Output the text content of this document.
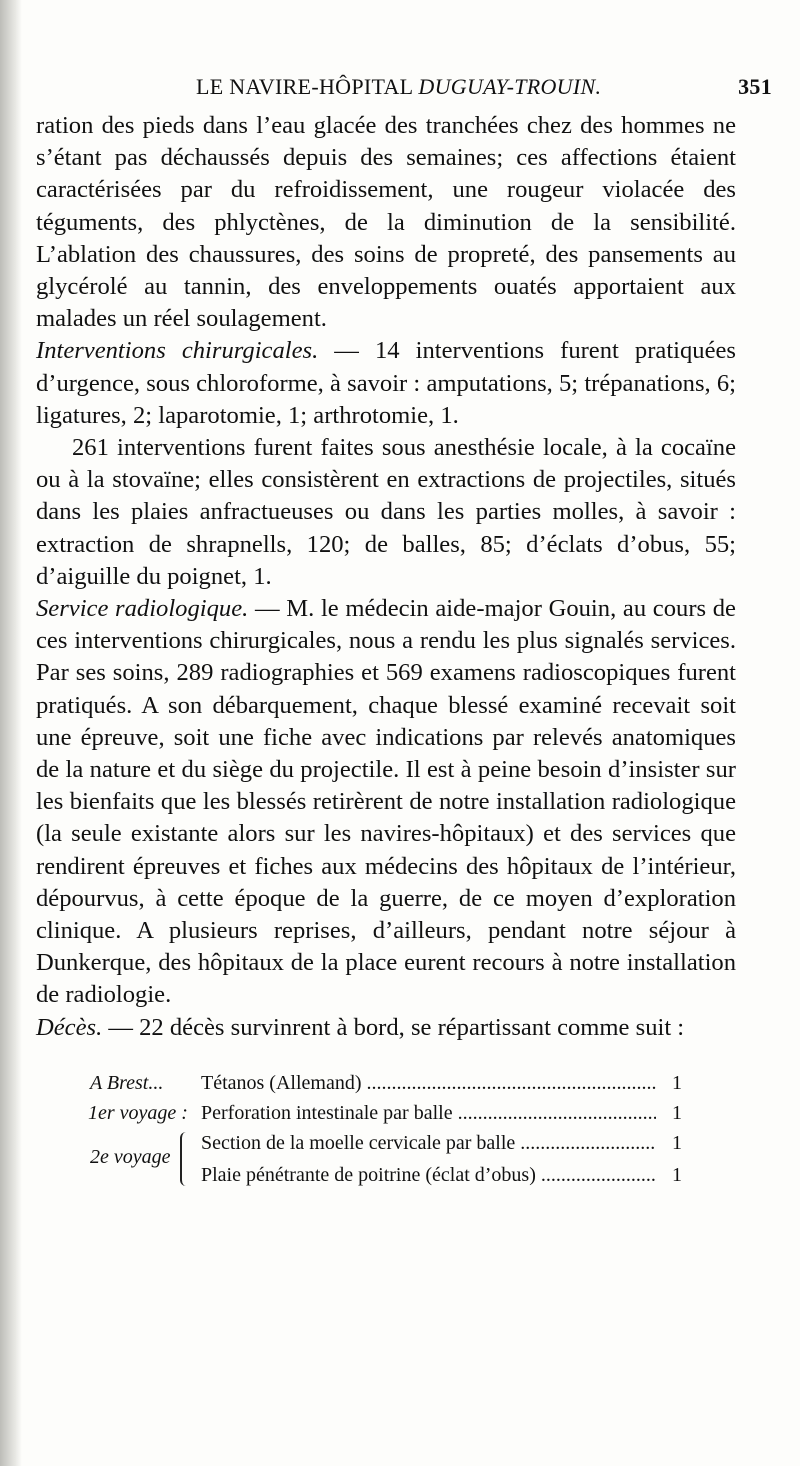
LE NAVIRE-HÔPITAL DUGUAY-TROUIN.	351

ration des pieds dans l’eau glacée des tranchées chez des hommes ne s’étant pas déchaussés depuis des semaines; ces affections étaient caractérisées par du refroidissement, une rougeur violacée des téguments, des phlyctènes, de la diminution de la sensibilité. L’ablation des chaussures, des soins de propreté, des pansements au glycérolé au tannin, des enveloppements ouatés apportaient aux malades un réel soulagement.

Interventions chirurgicales. — 14 interventions furent pratiquées d’urgence, sous chloroforme, à savoir : amputations, 5; trépanations, 6; ligatures, 2; laparotomie, 1; arthrotomie, 1.

261 interventions furent faites sous anesthésie locale, à la cocaïne ou à la stovaïne; elles consistèrent en extractions de projectiles, situés dans les plaies anfractueuses ou dans les parties molles, à savoir : extraction de shrapnells, 120; de balles, 85; d’éclats d’obus, 55; d’aiguille du poignet, 1.

Service radiologique. — M. le médecin aide-major Gouin, au cours de ces interventions chirurgicales, nous a rendu les plus signalés services. Par ses soins, 289 radiographies et 569 examens radioscopiques furent pratiqués. A son débarquement, chaque blessé examiné recevait soit une épreuve, soit une fiche avec indications par relevés anatomiques de la nature et du siège du projectile. Il est à peine besoin d’insister sur les bienfaits que les blessés retirèrent de notre installation radiologique (la seule existante alors sur les navires-hôpitaux) et des services que rendirent épreuves et fiches aux médecins des hôpitaux de l’intérieur, dépourvus, à cette époque de la guerre, de ce moyen d’exploration clinique. A plusieurs reprises, d’ailleurs, pendant notre séjour à Dunkerque, des hôpitaux de la place eurent recours à notre installation de radiologie.

Décès. — 22 décès survinrent à bord, se répartissant comme suit :

A Brest... Tétanos (Allemand) .....	1
1er voyage : Perforation intestinale par balle .....	1
2e voyage
Section de la moelle cervicale par balle .....	1
Plaie pénétrante de poitrine (éclat d’obus) .....	1
